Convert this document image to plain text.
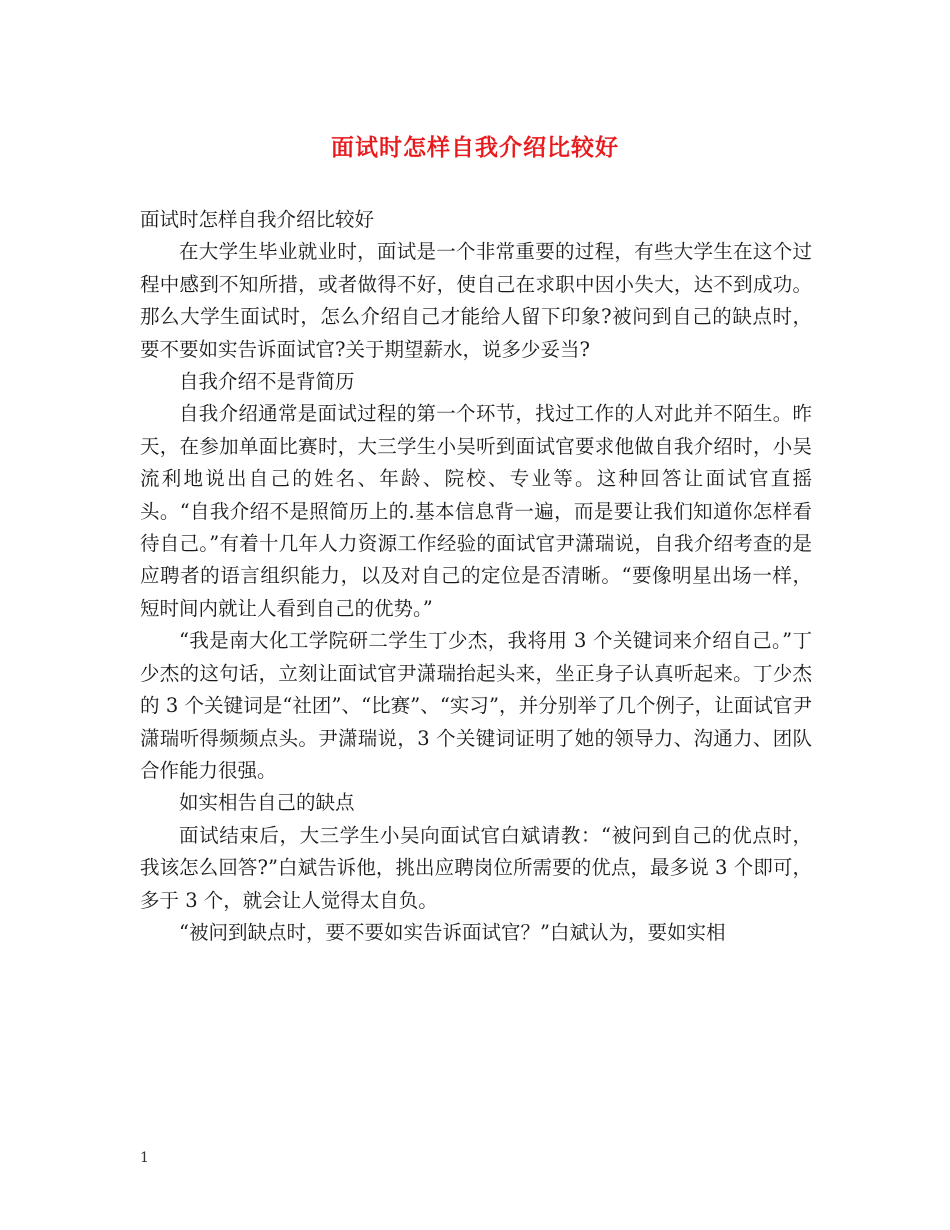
面试时怎样自我介绍比较好

面试时怎样自我介绍比较好

在大学生毕业就业时，面试是一个非常重要的过程，有些大学生在这个过程中感到不知所措，或者做得不好，使自己在求职中因小失大，达不到成功。那么大学生面试时，怎么介绍自己才能给人留下印象?被问到自己的缺点时，要不要如实告诉面试官?关于期望薪水，说多少妥当?

自我介绍不是背简历

自我介绍通常是面试过程的第一个环节，找过工作的人对此并不陌生。昨天，在参加单面比赛时，大三学生小吴听到面试官要求他做自我介绍时，小吴流利地说出自己的姓名、年龄、院校、专业等。这种回答让面试官直摇头。“自我介绍不是照简历上的.基本信息背一遍，而是要让我们知道你怎样看待自己。”有着十几年人力资源工作经验的面试官尹潇瑞说，自我介绍考查的是应聘者的语言组织能力，以及对自己的定位是否清晰。“要像明星出场一样，短时间内就让人看到自己的优势。”

“我是南大化工学院研二学生丁少杰，我将用 3 个关键词来介绍自己。”丁少杰的这句话，立刻让面试官尹潇瑞抬起头来，坐正身子认真听起来。丁少杰的 3 个关键词是“社团”、“比赛”、“实习”，并分别举了几个例子，让面试官尹潇瑞听得频频点头。尹潇瑞说，3 个关键词证明了她的领导力、沟通力、团队合作能力很强。

如实相告自己的缺点

面试结束后，大三学生小吴向面试官白斌请教：“被问到自己的优点时，我该怎么回答?”白斌告诉他，挑出应聘岗位所需要的优点，最多说 3 个即可，多于 3 个，就会让人觉得太自负。

“被问到缺点时，要不要如实告诉面试官？”白斌认为，要如实相

1
